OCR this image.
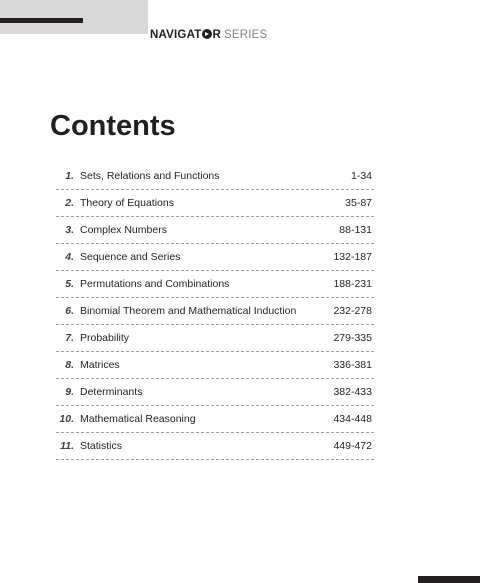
NAVIGAT R SERIES
Contents
1. Sets, Relations and Functions	1-34
2. Theory of Equations	35-87
3. Complex Numbers	88-131
4. Sequence and Series	132-187
5. Permutations and Combinations	188-231
6. Binomial Theorem and Mathematical Induction	232-278
7. Probability	279-335
8. Matrices	336-381
9. Determinants	382-433
10. Mathematical Reasoning	434-448
11. Statistics	449-472
